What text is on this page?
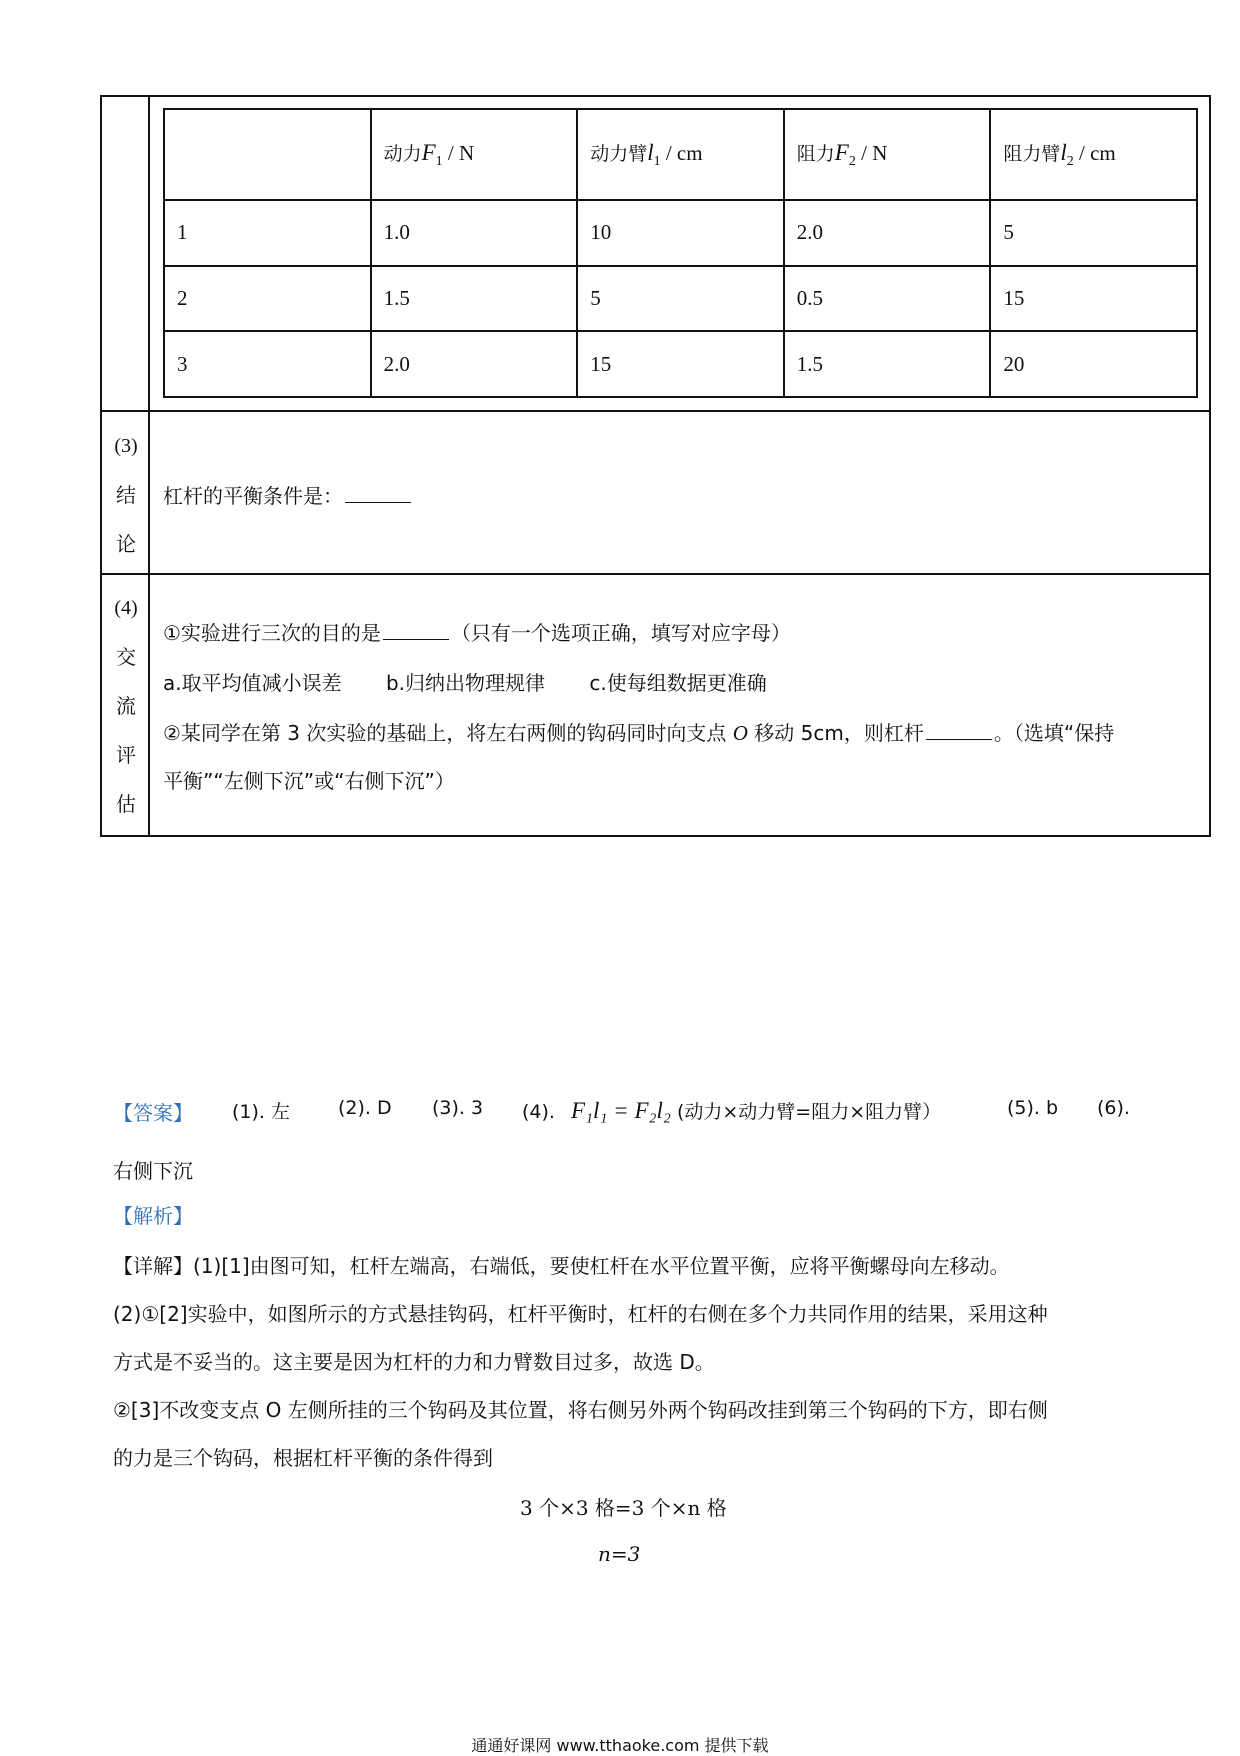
	动力$F_1$ / N	动力臂$l_1$ / cm	阻力$F_2$ / N	阻力臂$l_2$ / cm
1	1.0	10	2.0	5
2	1.5	5	0.5	15
3	2.0	15	1.5	20
(3)
结
论
杠杆的平衡条件是：
(4)
交
流
评
估
①实验进行三次的目的是	（只有一个选项正确，填写对应字母）
a.取平均值减小误差 b.归纳出物理规律 c.使每组数据更准确
②某同学在第 3 次实验的基础上，将左右两侧的钩码同时向支点 O 移动 5cm，则杠杆	。（选填“保持
平衡”“左侧下沉”或“右侧下沉”）
【答案】 (1). 左	(2). D (3). 3 (4). F₁l₁ = F₂l₂ (动力×动力臂=阻力×阻力臂）	(5). b (6).
右侧下沉
【解析】
【详解】(1)[1]由图可知，杠杆左端高，右端低，要使杠杆在水平位置平衡，应将平衡螺母向左移动。
(2)①[2]实验中，如图所示的方式悬挂钩码，杠杆平衡时，杠杆的右侧在多个力共同作用的结果，采用这种
方式是不妥当的。这主要是因为杠杆的力和力臂数目过多，故选 D。
②[3]不改变支点 O 左侧所挂的三个钩码及其位置，将右侧另外两个钩码改挂到第三个钩码的下方，即右侧
的力是三个钩码，根据杠杆平衡的条件得到
3 个×3 格=3 个×n 格
n=3
通通好课网 www.tthaoke.com 提供下载
